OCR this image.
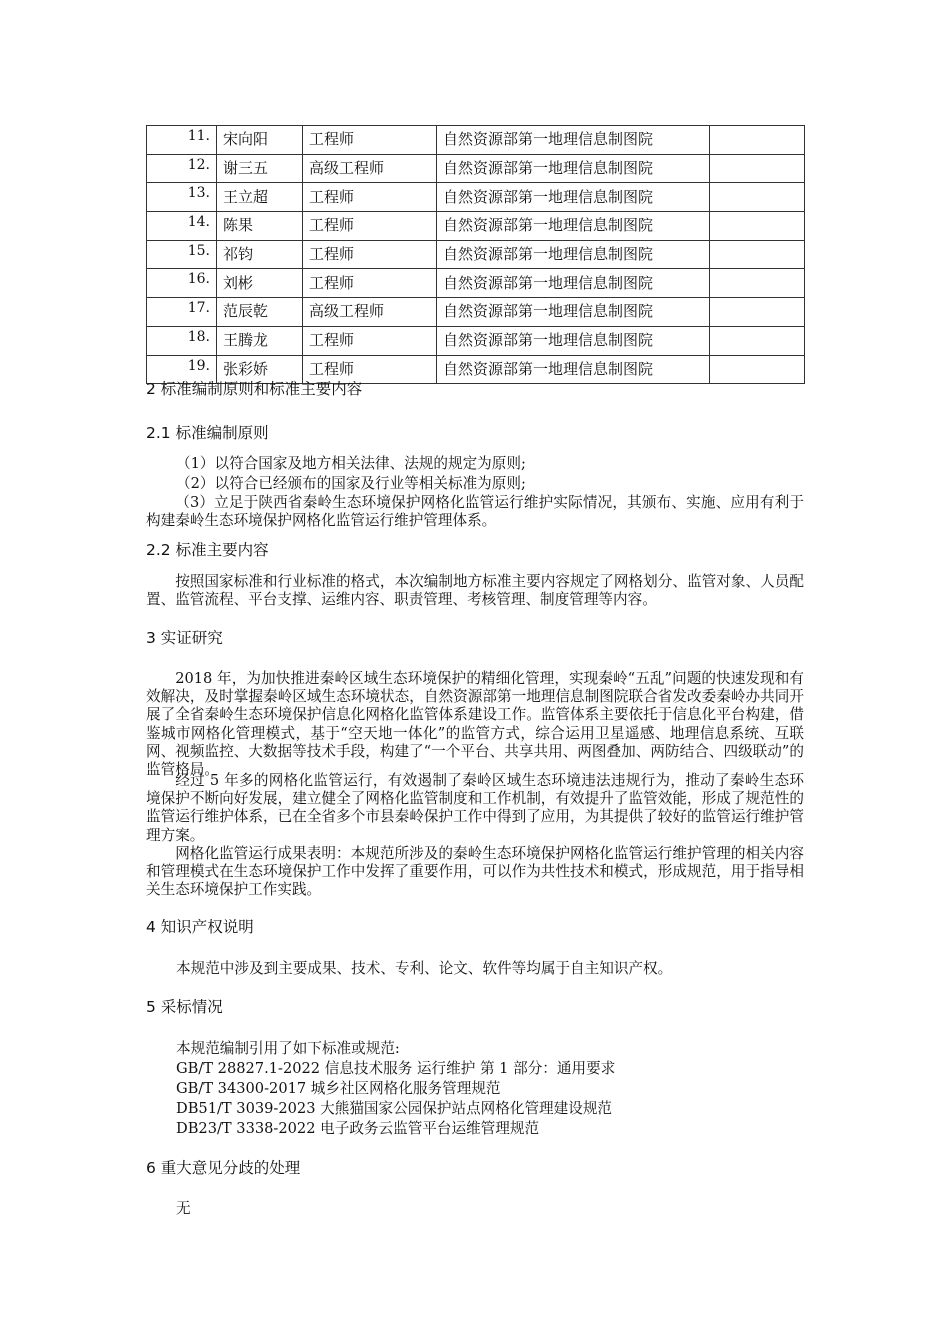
11.	宋向阳	工程师	自然资源部第一地理信息制图院	
12.	谢三五	高级工程师	自然资源部第一地理信息制图院	
13.	王立超	工程师	自然资源部第一地理信息制图院	
14.	陈果	工程师	自然资源部第一地理信息制图院	
15.	祁钧	工程师	自然资源部第一地理信息制图院	
16.	刘彬	工程师	自然资源部第一地理信息制图院	
17.	范辰乾	高级工程师	自然资源部第一地理信息制图院	
18.	王腾龙	工程师	自然资源部第一地理信息制图院	
19.	张彩娇	工程师	自然资源部第一地理信息制图院	
2 标准编制原则和标准主要内容
2.1 标准编制原则

（1）以符合国家及地方相关法律、法规的规定为原则;

（2）以符合已经颁布的国家及行业等相关标准为原则;

（3）立足于陕西省秦岭生态环境保护网格化监管运行维护实际情况，其颁布、实施、应用有利于构建秦岭生态环境保护网格化监管运行维护管理体系。

2.2 标准主要内容

按照国家标准和行业标准的格式，本次编制地方标准主要内容规定了网格划分、监管对象、人员配置、监管流程、平台支撑、运维内容、职责管理、考核管理、制度管理等内容。

3 实证研究

2018 年，为加快推进秦岭区域生态环境保护的精细化管理，实现秦岭“五乱”问题的快速发现和有效解决，及时掌握秦岭区域生态环境状态，自然资源部第一地理信息制图院联合省发改委秦岭办共同开展了全省秦岭生态环境保护信息化网格化监管体系建设工作。监管体系主要依托于信息化平台构建，借鉴城市网格化管理模式，基于“空天地一体化”的监管方式，综合运用卫星遥感、地理信息系统、互联网、视频监控、大数据等技术手段，构建了“一个平台、共享共用、两图叠加、两防结合、四级联动”的监管格局。

经过 5 年多的网格化监管运行，有效遏制了秦岭区域生态环境违法违规行为，推动了秦岭生态环境保护不断向好发展，建立健全了网格化监管制度和工作机制，有效提升了监管效能，形成了规范性的监管运行维护体系，已在全省多个市县秦岭保护工作中得到了应用，为其提供了较好的监管运行维护管理方案。

网格化监管运行成果表明：本规范所涉及的秦岭生态环境保护网格化监管运行维护管理的相关内容和管理模式在生态环境保护工作中发挥了重要作用，可以作为共性技术和模式，形成规范，用于指导相关生态环境保护工作实践。

4 知识产权说明

本规范中涉及到主要成果、技术、专利、论文、软件等均属于自主知识产权。

5 采标情况

本规范编制引用了如下标准或规范:

GB/T 28827.1-2022 信息技术服务 运行维护 第 1 部分：通用要求

GB/T 34300-2017 城乡社区网格化服务管理规范

DB51/T 3039-2023 大熊猫国家公园保护站点网格化管理建设规范

DB23/T 3338-2022 电子政务云监管平台运维管理规范

6 重大意见分歧的处理

无
